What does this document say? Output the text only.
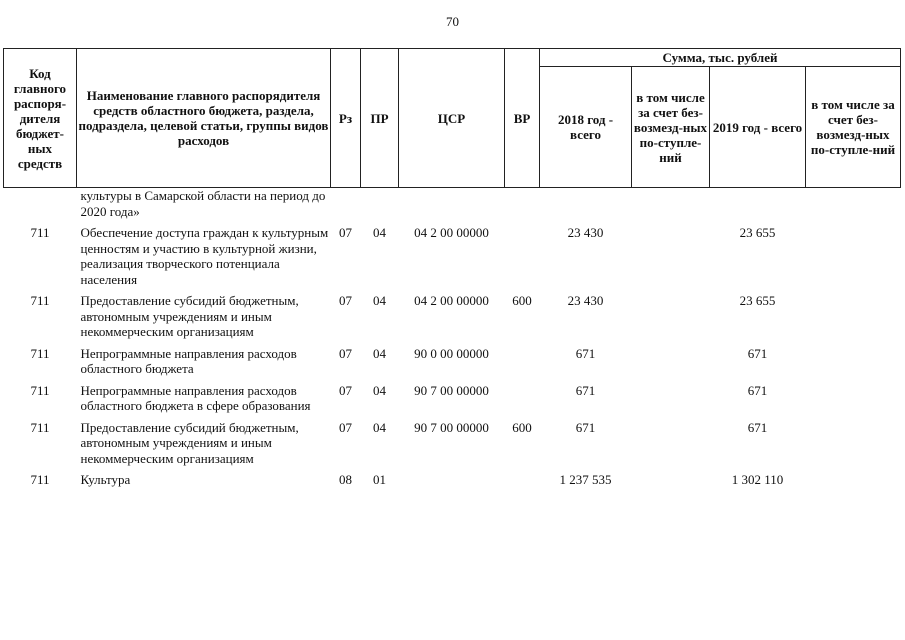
70
Код главного распоря-дителя бюджет-ных средств	Наименование главного распорядителя средств областного бюджета, раздела, подраздела, целевой статьи, группы видов расходов	Рз	ПР	ЦСР	ВР	Сумма, тыс. рублей			
						2018 год - всего	в том числе за счет без-возмезд-ных по-ступле-ний	2019 год - всего	в том числе за счет без-возмезд-ных по-ступле-ний
	культуры в Самарской области на период до 2020 года»								
711	Обеспечение доступа граждан к культурным ценностям и участию в культурной жизни, реализация творческого потенциала населения	07	04	04 2 00 00000		23 430		23 655	
711	Предоставление субсидий бюджетным, автономным учреждениям и иным некоммерческим организациям	07	04	04 2 00 00000	600	23 430		23 655	
711	Непрограммные направления расходов областного бюджета	07	04	90 0 00 00000		671		671	
711	Непрограммные направления расходов областного бюджета в сфере образования	07	04	90 7 00 00000		671		671	
711	Предоставление субсидий бюджетным, автономным учреждениям и иным некоммерческим организациям	07	04	90 7 00 00000	600	671		671	
711	Культура	08	01			1 237 535		1 302 110	
